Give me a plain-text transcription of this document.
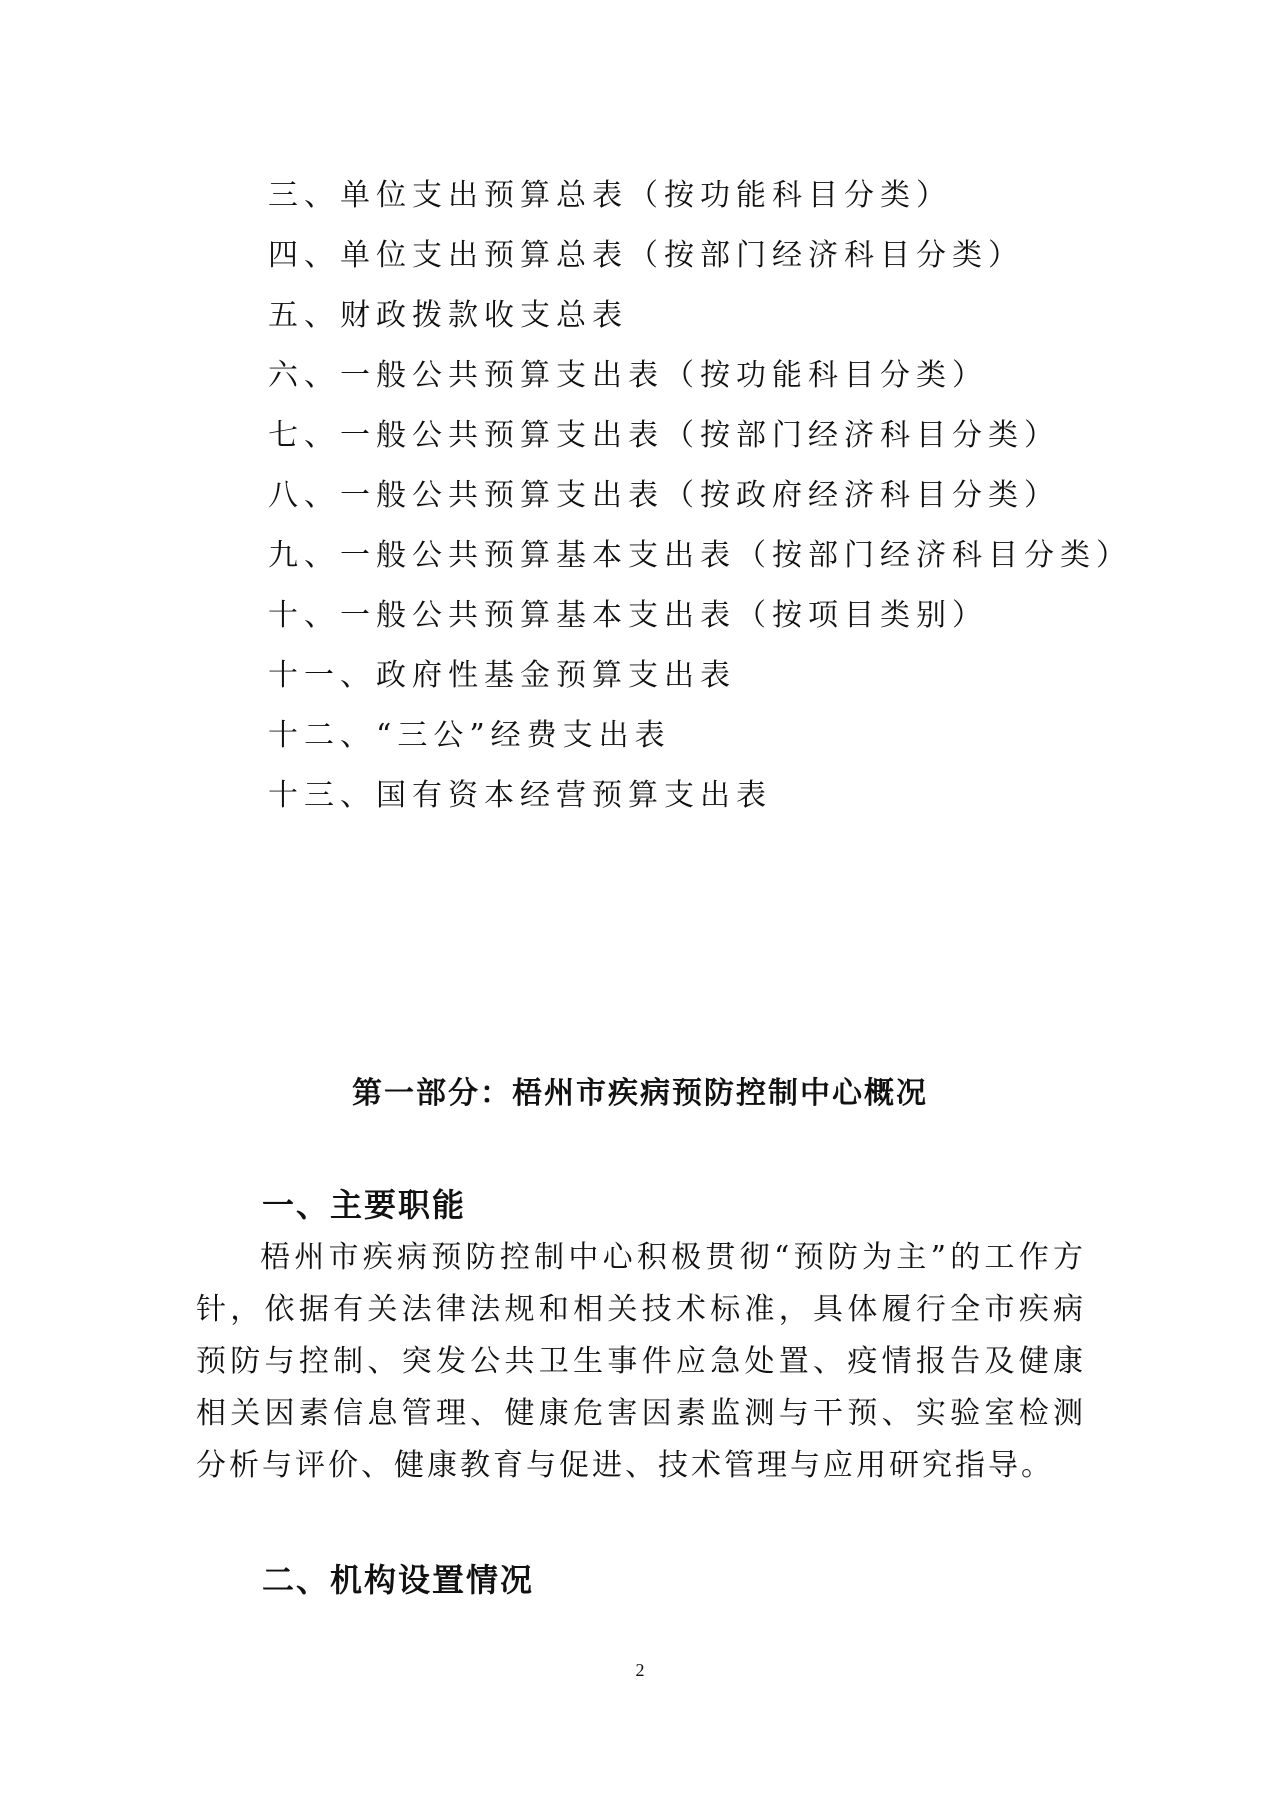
三、单位支出预算总表（按功能科目分类）
四、单位支出预算总表（按部门经济科目分类）
五、财政拨款收支总表
六、一般公共预算支出表（按功能科目分类）
七、一般公共预算支出表（按部门经济科目分类）
八、一般公共预算支出表（按政府经济科目分类）
九、一般公共预算基本支出表（按部门经济科目分类）
十、一般公共预算基本支出表（按项目类别）
十一、政府性基金预算支出表
十二、“三公”经费支出表
十三、国有资本经营预算支出表
第一部分：梧州市疾病预防控制中心概况
一、主要职能

梧州市疾病预防控制中心积极贯彻“预防为主”的工作方针，依据有关法律法规和相关技术标准，具体履行全市疾病预防与控制、突发公共卫生事件应急处置、疫情报告及健康相关因素信息管理、健康危害因素监测与干预、实验室检测分析与评价、健康教育与促进、技术管理与应用研究指导。

二、机构设置情况

2
